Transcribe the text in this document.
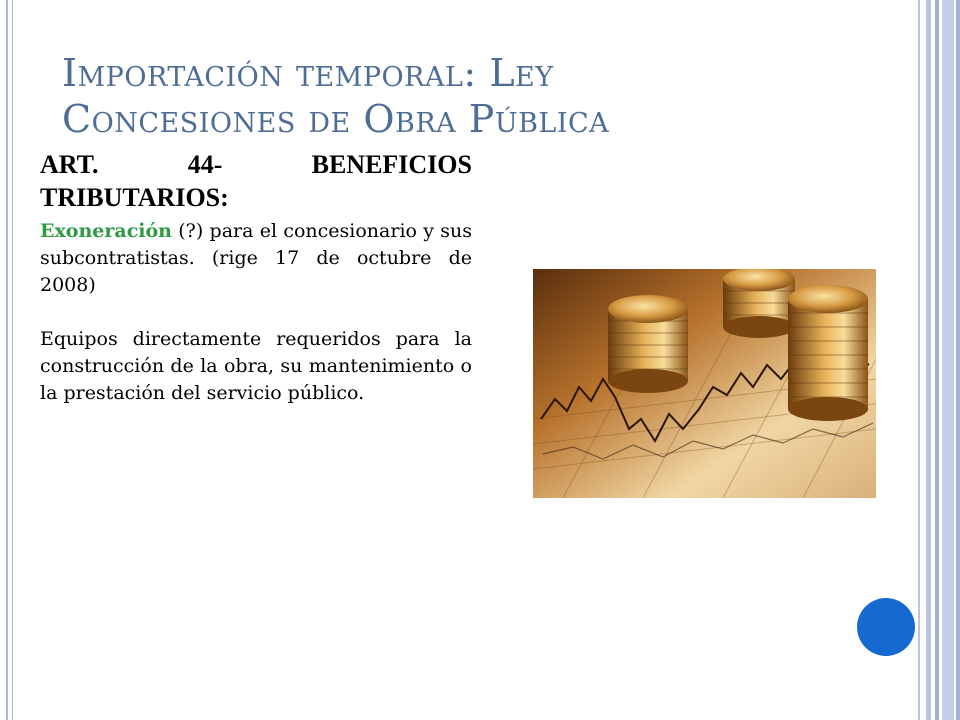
Importación temporal: Ley
Concesiones de Obra Pública

ART. 44- BENEFICIOS TRIBUTARIOS:

Exoneración (?) para el concesionario y sus subcontratistas. (rige 17 de octubre de 2008)

Equipos directamente requeridos para la construcción de la obra, su mantenimiento o la prestación del servicio público.
